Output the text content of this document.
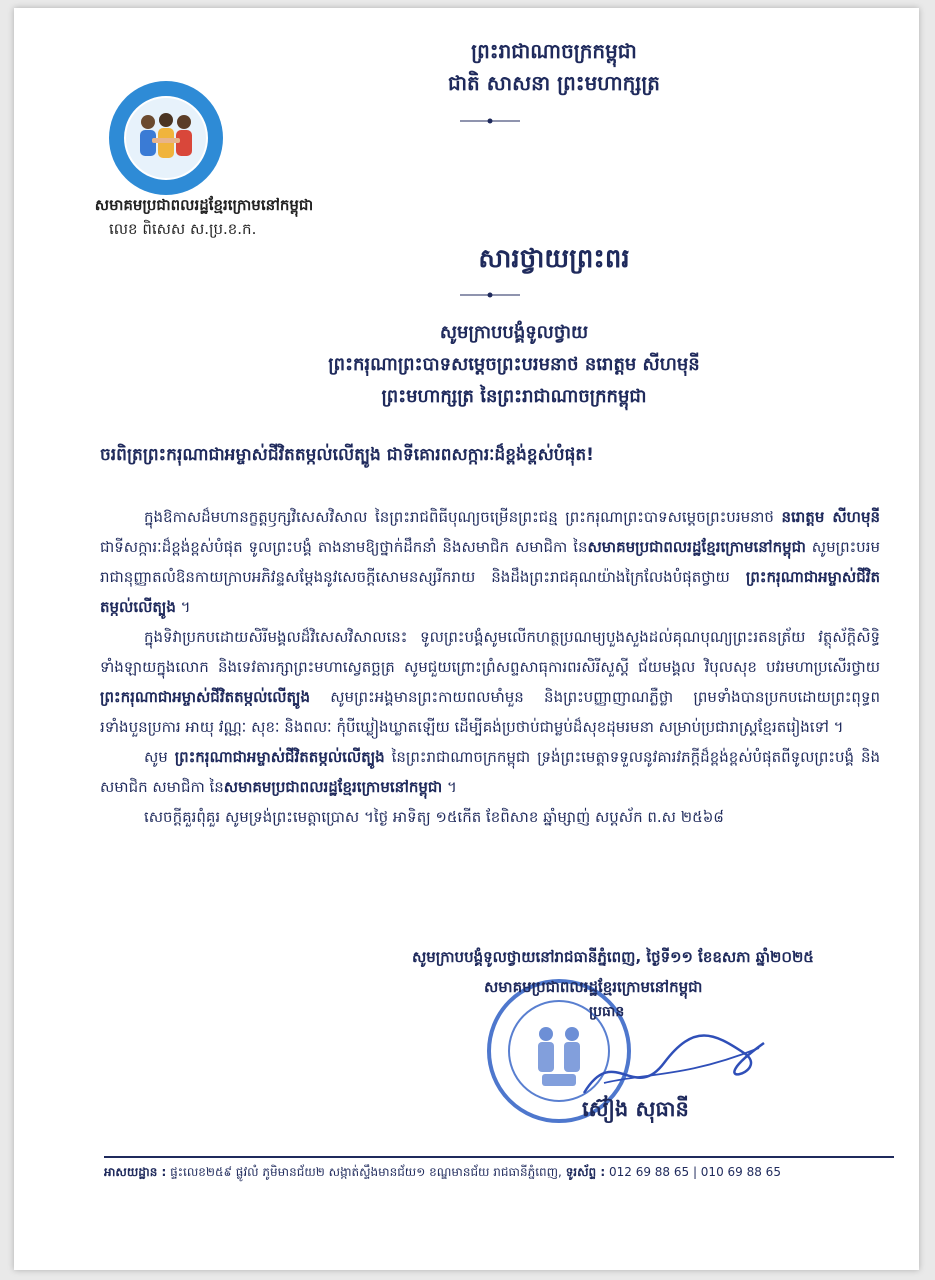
សមាគមប្រជាពលរដ្ឋខ្មែរក្រោមនៅកម្ពុជា
លេខ ពិសេស ស.ប្រ.ខ.ក.
ព្រះរាជាណាចក្រកម្ពុជា
ជាតិ សាសនា ព្រះមហាក្សត្រ
សារថ្វាយព្រះពរ
សូមក្រាបបង្គំទូលថ្វាយ
ព្រះករុណាព្រះបាទសម្តេចព្រះបរមនាថ នរោត្តម សីហមុនី
ព្រះមហាក្សត្រ នៃព្រះរាជាណាចក្រកម្ពុជា
ចរពិត្រព្រះករុណាជាអម្ចាស់ជីវិតតម្កល់លើត្បូង ជាទីគោរពសក្ការៈដ៏ខ្ពង់ខ្ពស់បំផុត!

ក្នុងឱកាសដ៏មហានក្ខត្តឫក្សវិសេសវិសាល នៃព្រះរាជពិធីបុណ្យចម្រើនព្រះជន្ម ព្រះករុណាព្រះបាទសម្តេចព្រះបរមនាថ នរោត្តម សីហមុនី ជាទីសក្ការៈដ៏ខ្ពង់ខ្ពស់បំផុត ទូលព្រះបង្គំ តាងនាមឱ្យថ្នាក់ដឹកនាំ និងសមាជិក សមាជិកា នៃសមាគមប្រជាពលរដ្ឋខ្មែរក្រោមនៅកម្ពុជា សូមព្រះបរមរាជានុញ្ញាតលំឱនកាយក្រាបអភិវន្ទសម្តែងនូវសេចក្តីសោមនស្សរីករាយ និងដឹងព្រះរាជគុណយ៉ាងក្រៃលែងបំផុតថ្វាយ ព្រះករុណាជាអម្ចាស់ជីវិតតម្កល់លើត្បូង ។

ក្នុងទិវាប្រកបដោយសិរីមង្គលដ៏វិសេសវិសាលនេះ ទូលព្រះបង្គំសូមលើកហត្ថប្រណម្យបួងសួងដល់គុណបុណ្យព្រះរតនត្រ័យ វត្ថុស័ក្តិសិទ្ធិទាំងឡាយក្នុងលោក និងទេវតារក្សាព្រះមហាស្វេតច្ឆត្រ សូមជួយព្រោះព្រំសព្ទសាធុការពរសិរីសួស្តី ជ័យមង្គល វិបុលសុខ បវរមហាប្រសើរថ្វាយ ព្រះករុណាជាអម្ចាស់ជីវិតតម្កល់លើត្បូង សូមព្រះអង្គមានព្រះកាយពលមាំមួន និងព្រះបញ្ញាញាណភ្លឺថ្លា ព្រមទាំងបានប្រកបដោយព្រះពុទ្ធពរទាំងបួនប្រការ អាយុ វណ្ណៈ សុខៈ និងពលៈ កុំបីឃ្លៀងឃ្លាតឡើយ ដើម្បីគង់ប្រថាប់ជាម្លប់ដ៏សុខដុមរមនា សម្រាប់ប្រជារាស្ត្រខ្មែរតរៀងទៅ ។

សូម ព្រះករុណាជាអម្ចាស់ជីវិតតម្កល់លើត្បូង នៃព្រះរាជាណាចក្រកម្ពុជា ទ្រង់ព្រះមេត្តាទទួលនូវគារវភក្តីដ៏ខ្ពង់ខ្ពស់បំផុតពីទូលព្រះបង្គំ និងសមាជិក សមាជិកា នៃសមាគមប្រជាពលរដ្ឋខ្មែរក្រោមនៅកម្ពុជា ។

សេចក្តីគួរពុំគួរ សូមទ្រង់ព្រះមេត្តាប្រោស ។ថ្ងៃ អាទិត្យ ១៥កើត ខែពិសាខ ឆ្នាំម្សាញ់ សប្តស័ក ព.ស ២៥៦៨

សូមក្រាបបង្គំទូលថ្វាយនៅរាជធានីភ្នំពេញ, ថ្ងៃទី១១ ខែឧសភា ឆ្នាំ២០២៥
សមាគមប្រជាពលរដ្ឋខ្មែរក្រោមនៅកម្ពុជា
ប្រធាន
ស៊ៀង សុធានី
អាសយដ្ឋាន : ផ្ទះលេខ២៥៩ ផ្លូវលំ ភូមិមានជ័យ២ សង្កាត់ស្ទឹងមានជ័យ១ ខណ្ឌមានជ័យ រាជធានីភ្នំពេញ, ទូរស័ព្ទ : 012 69 88 65 | 010 69 88 65
